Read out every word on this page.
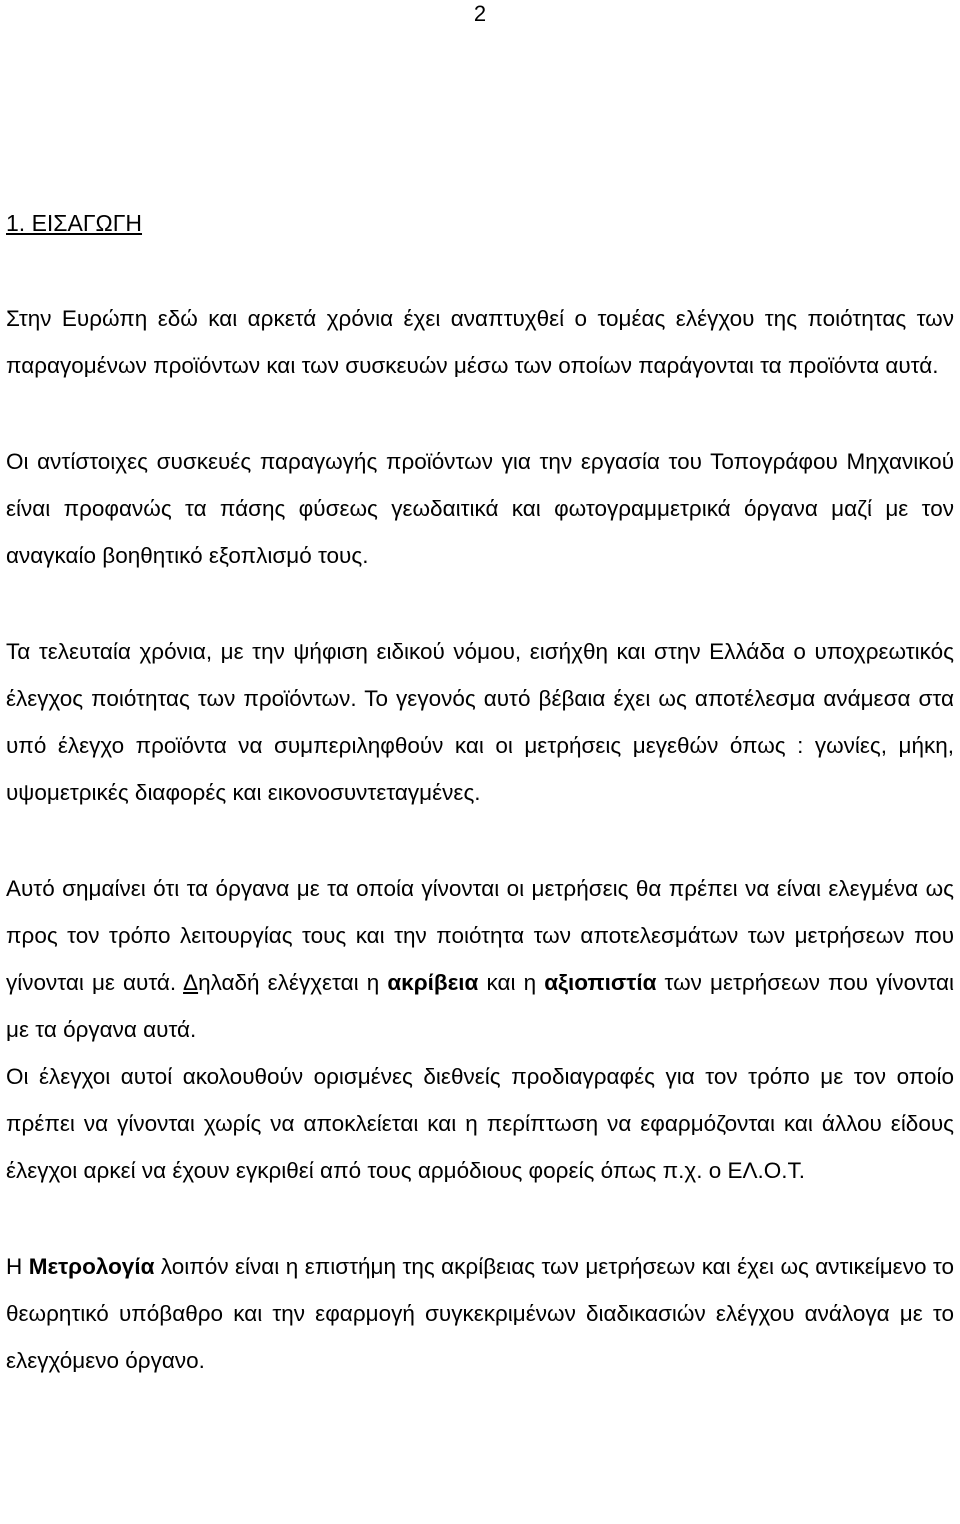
2
1. ΕΙΣΑΓΩΓΗ

Στην Ευρώπη εδώ και αρκετά χρόνια έχει αναπτυχθεί ο τομέας ελέγχου της ποιότητας των παραγομένων προϊόντων και των συσκευών μέσω των οποίων παράγονται τα προϊόντα αυτά.

Οι αντίστοιχες συσκευές παραγωγής προϊόντων για την εργασία του Τοπογράφου Μηχανικού είναι προφανώς τα πάσης φύσεως γεωδαιτικά και φωτογραμμετρικά όργανα μαζί με τον αναγκαίο βοηθητικό εξοπλισμό τους.

Τα τελευταία χρόνια, με την ψήφιση ειδικού νόμου, εισήχθη και στην Ελλάδα ο υποχρεωτικός έλεγχος ποιότητας των προϊόντων. Το γεγονός αυτό βέβαια έχει ως αποτέλεσμα ανάμεσα στα υπό έλεγχο προϊόντα να συμπεριληφθούν και οι μετρήσεις μεγεθών όπως : γωνίες, μήκη, υψομετρικές διαφορές και εικονοσυντεταγμένες.

Αυτό σημαίνει ότι τα όργανα με τα οποία γίνονται οι μετρήσεις θα πρέπει να είναι ελεγμένα ως προς τον τρόπο λειτουργίας τους και την ποιότητα των αποτελεσμάτων των μετρήσεων που γίνονται με αυτά. Δηλαδή ελέγχεται η ακρίβεια και η αξιοπιστία των μετρήσεων που γίνονται με τα όργανα αυτά.

Οι έλεγχοι αυτοί ακολουθούν ορισμένες διεθνείς προδιαγραφές για τον τρόπο με τον οποίο πρέπει να γίνονται χωρίς να αποκλείεται και η περίπτωση να εφαρμόζονται και άλλου είδους έλεγχοι αρκεί να έχουν εγκριθεί από τους αρμόδιους φορείς όπως π.χ. ο ΕΛ.Ο.Τ.

Η Μετρολογία λοιπόν είναι η επιστήμη της ακρίβειας των μετρήσεων και έχει ως αντικείμενο το θεωρητικό υπόβαθρο και την εφαρμογή συγκεκριμένων διαδικασιών ελέγχου ανάλογα με το ελεγχόμενο όργανο.
